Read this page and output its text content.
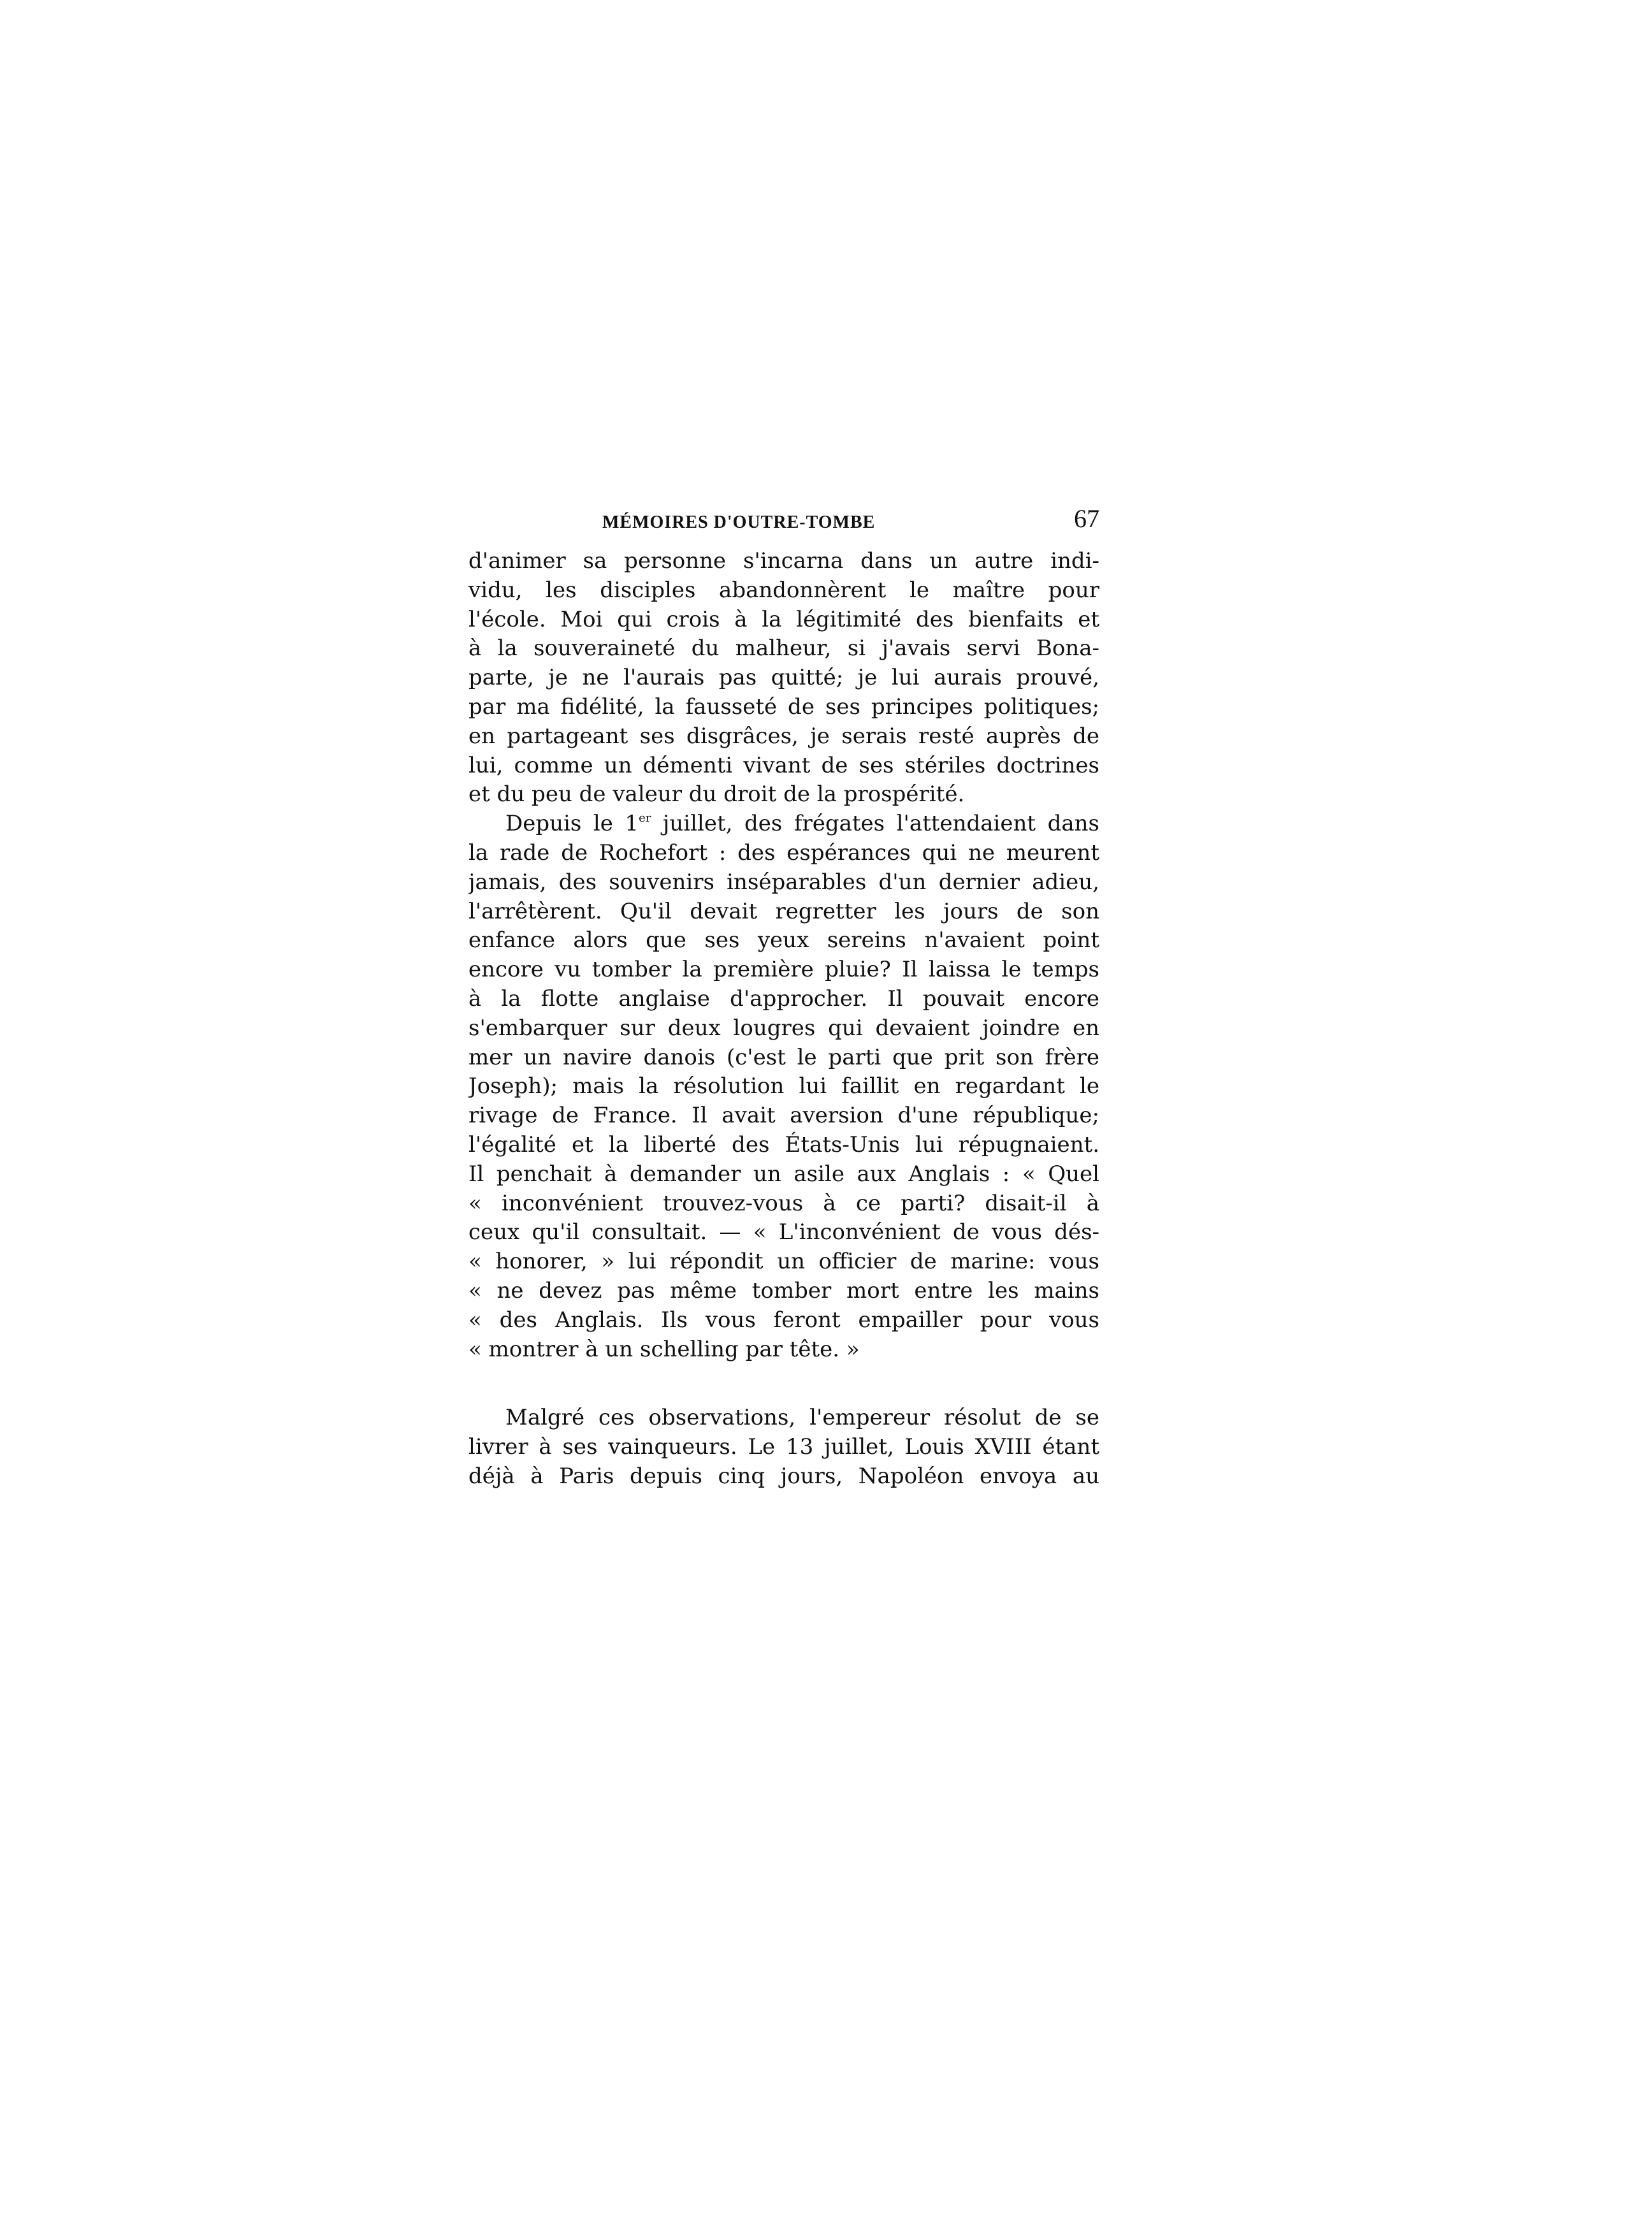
MÉMOIRES D'OUTRE-TOMBE	67
d'animer sa personne s'incarna dans un autre indi-
vidu, les disciples abandonnèrent le maître pour
l'école. Moi qui crois à la légitimité des bienfaits et
à la souveraineté du malheur, si j'avais servi Bona-
parte, je ne l'aurais pas quitté; je lui aurais prouvé,
par ma fidélité, la fausseté de ses principes politiques;
en partageant ses disgrâces, je serais resté auprès de
lui, comme un démenti vivant de ses stériles doctrines
et du peu de valeur du droit de la prospérité.
Depuis le 1er juillet, des frégates l'attendaient dans
la rade de Rochefort : des espérances qui ne meurent
jamais, des souvenirs inséparables d'un dernier adieu,
l'arrêtèrent. Qu'il devait regretter les jours de son
enfance alors que ses yeux sereins n'avaient point
encore vu tomber la première pluie? Il laissa le temps
à la flotte anglaise d'approcher. Il pouvait encore
s'embarquer sur deux lougres qui devaient joindre en
mer un navire danois (c'est le parti que prit son frère
Joseph); mais la résolution lui faillit en regardant le
rivage de France. Il avait aversion d'une république;
l'égalité et la liberté des États-Unis lui répugnaient.
Il penchait à demander un asile aux Anglais : « Quel
« inconvénient trouvez-vous à ce parti? disait-il à
ceux qu'il consultait. — « L'inconvénient de vous dés-
« honorer, » lui répondit un officier de marine: vous
« ne devez pas même tomber mort entre les mains
« des Anglais. Ils vous feront empailler pour vous
« montrer à un schelling par tête. »
Malgré ces observations, l'empereur résolut de se
livrer à ses vainqueurs. Le 13 juillet, Louis XVIII étant
déjà à Paris depuis cinq jours, Napoléon envoya au
